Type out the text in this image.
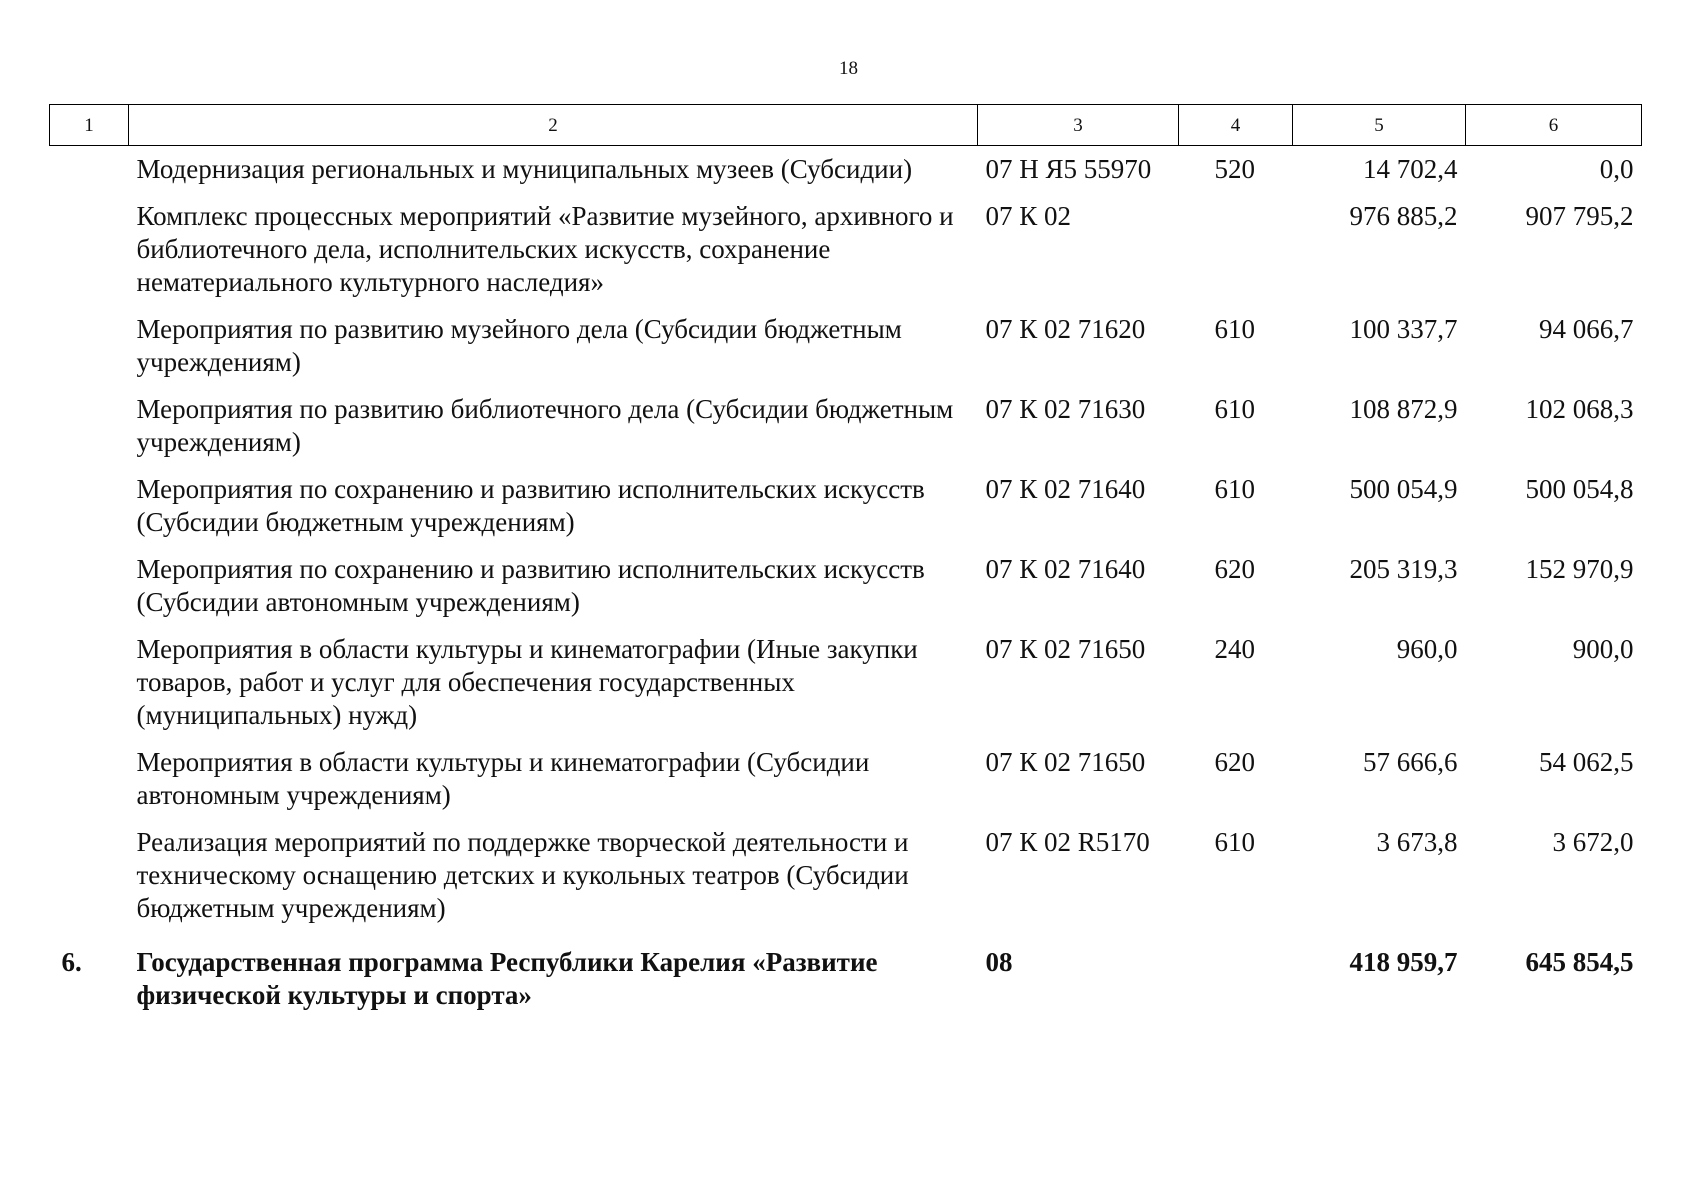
18
1	2	3	4	5	6
	Модернизация региональных и муниципальных музеев (Субсидии)	07 Н Я5 55970	520	14 702,4	0,0
	Комплекс процессных мероприятий «Развитие музейного, архивного и библиотечного дела, исполнительских искусств, сохранение нематериального культурного наследия»	07 К 02		976 885,2	907 795,2
	Мероприятия по развитию музейного дела (Субсидии бюджетным учреждениям)	07 К 02 71620	610	100 337,7	94 066,7
	Мероприятия по развитию библиотечного дела (Субсидии бюджетным учреждениям)	07 К 02 71630	610	108 872,9	102 068,3
	Мероприятия по сохранению и развитию исполнительских искусств (Субсидии бюджетным учреждениям)	07 К 02 71640	610	500 054,9	500 054,8
	Мероприятия по сохранению и развитию исполнительских искусств (Субсидии автономным учреждениям)	07 К 02 71640	620	205 319,3	152 970,9
	Мероприятия в области культуры и кинематографии (Иные закупки товаров, работ и услуг для обеспечения государственных (муниципальных) нужд)	07 К 02 71650	240	960,0	900,0
	Мероприятия в области культуры и кинематографии (Субсидии автономным учреждениям)	07 К 02 71650	620	57 666,6	54 062,5
	Реализация мероприятий по поддержке творческой деятельности и техническому оснащению детских и кукольных театров (Субсидии бюджетным учреждениям)	07 К 02 R5170	610	3 673,8	3 672,0
6.	Государственная программа Республики Карелия «Развитие физической культуры и спорта»	08		418 959,7	645 854,5
